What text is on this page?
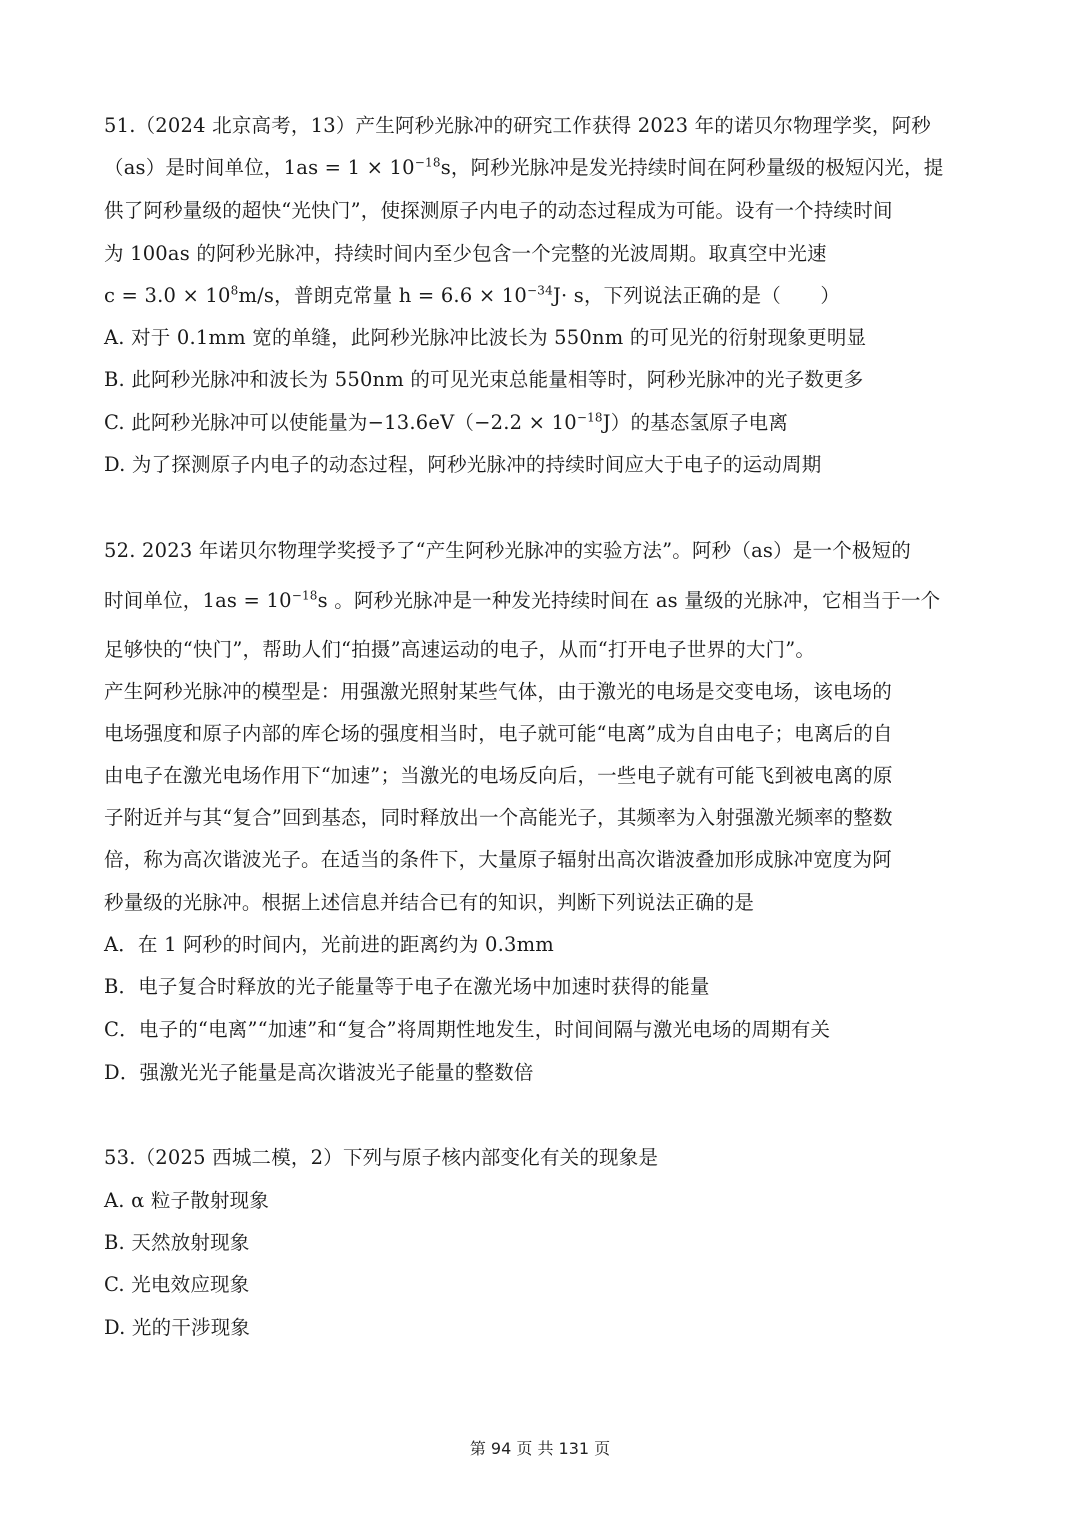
51.（2024 北京高考，13）产生阿秒光脉冲的研究工作获得 2023 年的诺贝尔物理学奖，阿秒
（as）是时间单位，$1as = 1 \times 10^{-18}s$，阿秒光脉冲是发光持续时间在阿秒量级的极短闪光，提
供了阿秒量级的超快“光快门”，使探测原子内电子的动态过程成为可能。设有一个持续时间
为 100as 的阿秒光脉冲，持续时间内至少包含一个完整的光波周期。取真空中光速
$c = 3.0 \times 10^8m/s$，普朗克常量 $h = 6.6 \times 10^{-34}J\cdot s$，下列说法正确的是（　　）
A. 对于 0.1mm 宽的单缝，此阿秒光脉冲比波长为 550nm 的可见光的衍射现象更明显
B. 此阿秒光脉冲和波长为 550nm 的可见光束总能量相等时，阿秒光脉冲的光子数更多
C. 此阿秒光脉冲可以使能量为$-13.6eV(-2.2 \times 10^{-18}J)$的基态氢原子电离
D. 为了探测原子内电子的动态过程，阿秒光脉冲的持续时间应大于电子的运动周期
52. 2023 年诺贝尔物理学奖授予了“产生阿秒光脉冲的实验方法”。阿秒（as）是一个极短的
时间单位，$1as = 10^{-18}s$ 。阿秒光脉冲是一种发光持续时间在 as 量级的光脉冲，它相当于一个
足够快的“快门”，帮助人们“拍摄”高速运动的电子，从而“打开电子世界的大门”。
产生阿秒光脉冲的模型是：用强激光照射某些气体，由于激光的电场是交变电场，该电场的
电场强度和原子内部的库仑场的强度相当时，电子就可能“电离”成为自由电子；电离后的自
由电子在激光电场作用下“加速”；当激光的电场反向后，一些电子就有可能飞到被电离的原
子附近并与其“复合”回到基态，同时释放出一个高能光子，其频率为入射强激光频率的整数
倍，称为高次谐波光子。在适当的条件下，大量原子辐射出高次谐波叠加形成脉冲宽度为阿
秒量级的光脉冲。根据上述信息并结合已有的知识，判断下列说法正确的是
A．在 1 阿秒的时间内，光前进的距离约为 0.3mm
B．电子复合时释放的光子能量等于电子在激光场中加速时获得的能量
C．电子的“电离”“加速”和“复合”将周期性地发生，时间间隔与激光电场的周期有关
D．强激光光子能量是高次谐波光子能量的整数倍
53.（2025 西城二模，2）下列与原子核内部变化有关的现象是
A. α 粒子散射现象
B. 天然放射现象
C. 光电效应现象
D. 光的干涉现象
第 94 页 共 131 页
